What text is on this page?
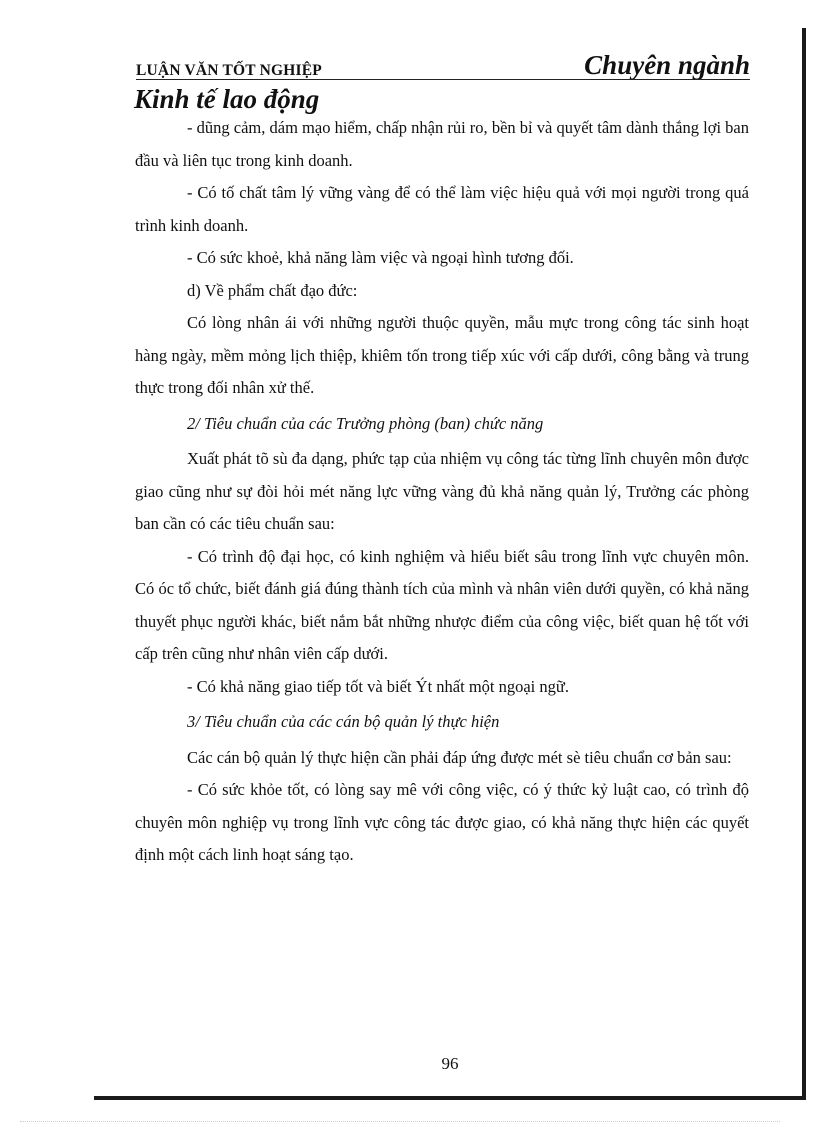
LUẬN VĂN TỐT NGHIỆP	Chuyên ngành
Kinh tế lao động

- dũng cảm, dám mạo hiểm, chấp nhận rủi ro, bền bỉ và quyết tâm dành thắng lợi ban đầu và liên tục trong kinh doanh.

- Có tố chất tâm lý vững vàng để có thể làm việc hiệu quả với mọi người trong quá trình kinh doanh.

- Có sức khoẻ, khả năng làm việc và ngoại hình tương đối.

d) Về phẩm chất đạo đức:

Có lòng nhân ái với những người thuộc quyền, mẫu mực trong công tác sinh hoạt hàng ngày, mềm mỏng lịch thiệp, khiêm tốn trong tiếp xúc với cấp dưới, công bằng và trung thực trong đối nhân xử thế.

2/ Tiêu chuẩn của các Trưởng phòng (ban) chức năng

Xuất phát tõ sù đa dạng, phức tạp của nhiệm vụ công tác từng lĩnh chuyên môn được giao cũng như sự đòi hỏi mét năng lực vững vàng đủ khả năng quản lý, Trưởng các phòng ban cần có các tiêu chuẩn sau:

- Có trình độ đại học, có kinh nghiệm và hiểu biết sâu trong lĩnh vực chuyên môn. Có óc tổ chức, biết đánh giá đúng thành tích của mình và nhân viên dưới quyền, có khả năng thuyết phục người khác, biết nắm bắt những nhược điểm của công việc, biết quan hệ tốt với cấp trên cũng như nhân viên cấp dưới.

- Có khả năng giao tiếp tốt và biết Ýt nhất một ngoại ngữ.

3/ Tiêu chuẩn của các cán bộ quản lý thực hiện

Các cán bộ quản lý thực hiện cần phải đáp ứng được mét sè tiêu chuẩn cơ bản sau:

- Có sức khỏe tốt, có lòng say mê với công việc, có ý thức kỷ luật cao, có trình độ chuyên môn nghiệp vụ trong lĩnh vực công tác được giao, có khả năng thực hiện các quyết định một cách linh hoạt sáng tạo.

96
